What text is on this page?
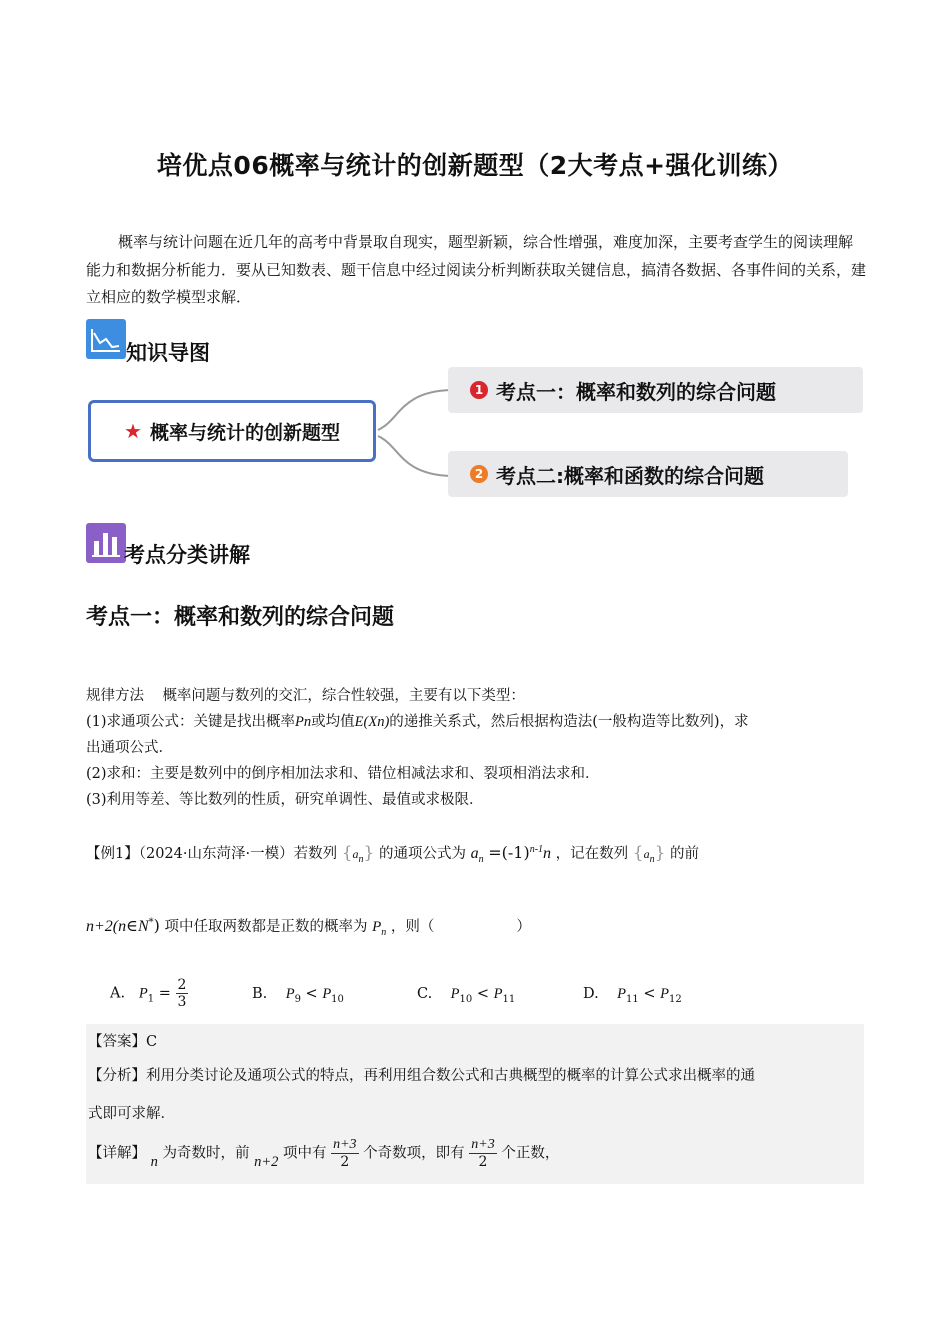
培优点06概率与统计的创新题型（2大考点+强化训练）
概率与统计问题在近几年的高考中背景取自现实，题型新颖，综合性增强，难度加深，主要考查学生的阅读理解能力和数据分析能力．要从已知数表、题干信息中经过阅读分析判断获取关键信息，搞清各数据、各事件间的关系，建立相应的数学模型求解．
知识导图
★ 概率与统计的创新题型
1 考点一：概率和数列的综合问题
2 考点二:概率和函数的综合问题
考点分类讲解
考点一：概率和数列的综合问题
规律方法 概率问题与数列的交汇，综合性较强，主要有以下类型：
(1)求通项公式：关键是找出概率Pn或均值E(Xn)的递推关系式，然后根据构造法(一般构造等比数列)，求
出通项公式．
(2)求和：主要是数列中的倒序相加法求和、错位相减法求和、裂项相消法求和．
(3)利用等差、等比数列的性质，研究单调性、最值或求极限．
【例1】（2024·山东菏泽·一模）若数列 $\{a_n\}$ 的通项公式为 $a_n =(-1)^{n-1}n$ ，记在数列 $\{a_n\}$ 的前
n+2(n∈N*) 项中任取两数都是正数的概率为 $P_n$ ，则（	）
A. $P_1 = \frac{2}{3}$	B. $P_9 < P_{10}$	C. $P_{10} < P_{11}$	D. $P_{11} < P_{12}$
【答案】C
【分析】利用分类讨论及通项公式的特点，再利用组合数公式和古典概型的概率的计算公式求出概率的通
式即可求解．
【详解】 n 为奇数时，前 n+2 项中有 $\frac{n+3}{2}$ 个奇数项，即有 $\frac{n+3}{2}$ 个正数，
